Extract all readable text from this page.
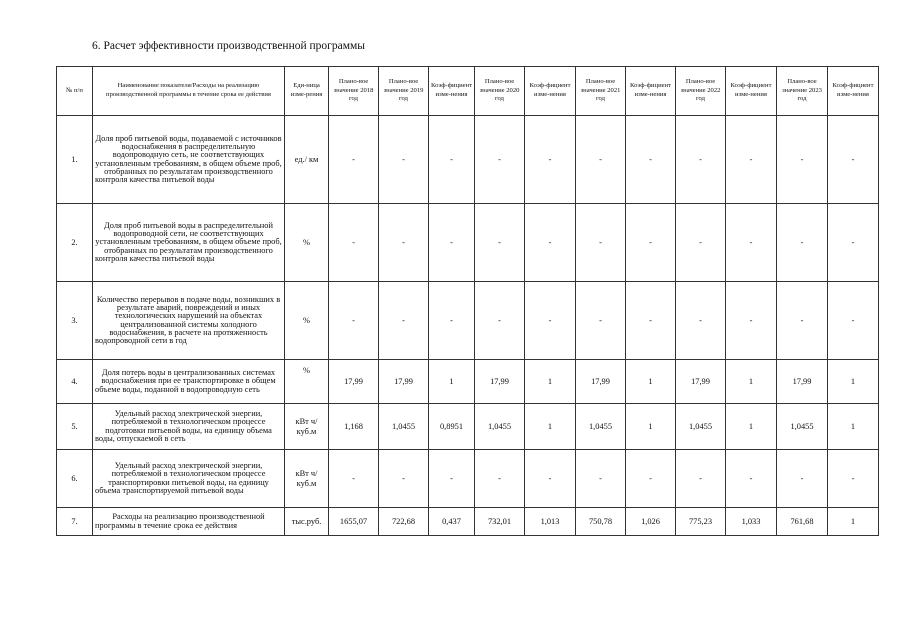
6. Расчет эффективности производственной программы
№ п/п	Наименование показателя/Расходы на реализацию производственной программы в течение срока ее действия	Еди-ница изме-рения	Плано-вое значение 2018 год	Плано-вое значение 2019 год	Коэф-фициент изме-нения	Плано-вое значение 2020 год	Коэф-фициент изме-нения	Плано-вое значение 2021 год	Коэф-фициент изме-нения	Плано-вое значение 2022 год	Коэф-фициент изме-нения	Плано-вое значение 2023 год	Коэф-фициент изме-нения
1.	Доля проб питьевой воды, подаваемой с источников водоснабжения в распределительную водопроводную сеть, не соответствующих установленным требованиям, в общем объеме проб, отобранных по результатам производственного контроля качества питьевой воды	ед./ км	-	-	-	-	-	-	-	-	-	-	-
2.	Доля проб питьевой воды в распределительной водопроводной сети, не соответствующих установленным требованиям, в общем объеме проб, отобранных по результатам производственного контроля качества питьевой воды	%	-	-	-	-	-	-	-	-	-	-	-
3.	Количество перерывов в подаче воды, возникших в результате аварий, повреждений и иных технологических нарушений на объектах централизованной системы холодного водоснабжения, в расчете на протяженность водопроводной сети в год	%	-	-	-	-	-	-	-	-	-	-	-
4.	Доля потерь воды в централизованных системах водоснабжения при ее транспортировке в общем объеме воды, поданной в водопроводную сеть	%	17,99	17,99	1	17,99	1	17,99	1	17,99	1	17,99	1
5.	Удельный расход электрической энергии, потребляемой в технологическом процессе подготовки питьевой воды, на единицу объема воды, отпускаемой в сеть	кВт ч/куб.м	1,168	1,0455	0,8951	1,0455	1	1,0455	1	1,0455	1	1,0455	1
6.	Удельный расход электрической энергии, потребляемой в технологическом процессе транспортировки питьевой воды, на единицу объема транспортируемой питьевой воды	кВт ч/куб.м	-	-	-	-	-	-	-	-	-	-	-
7.	Расходы на реализацию производственной программы в течение срока ее действия	тыс.руб.	1655,07	722,68	0,437	732,01	1,013	750,78	1,026	775,23	1,033	761,68	1
